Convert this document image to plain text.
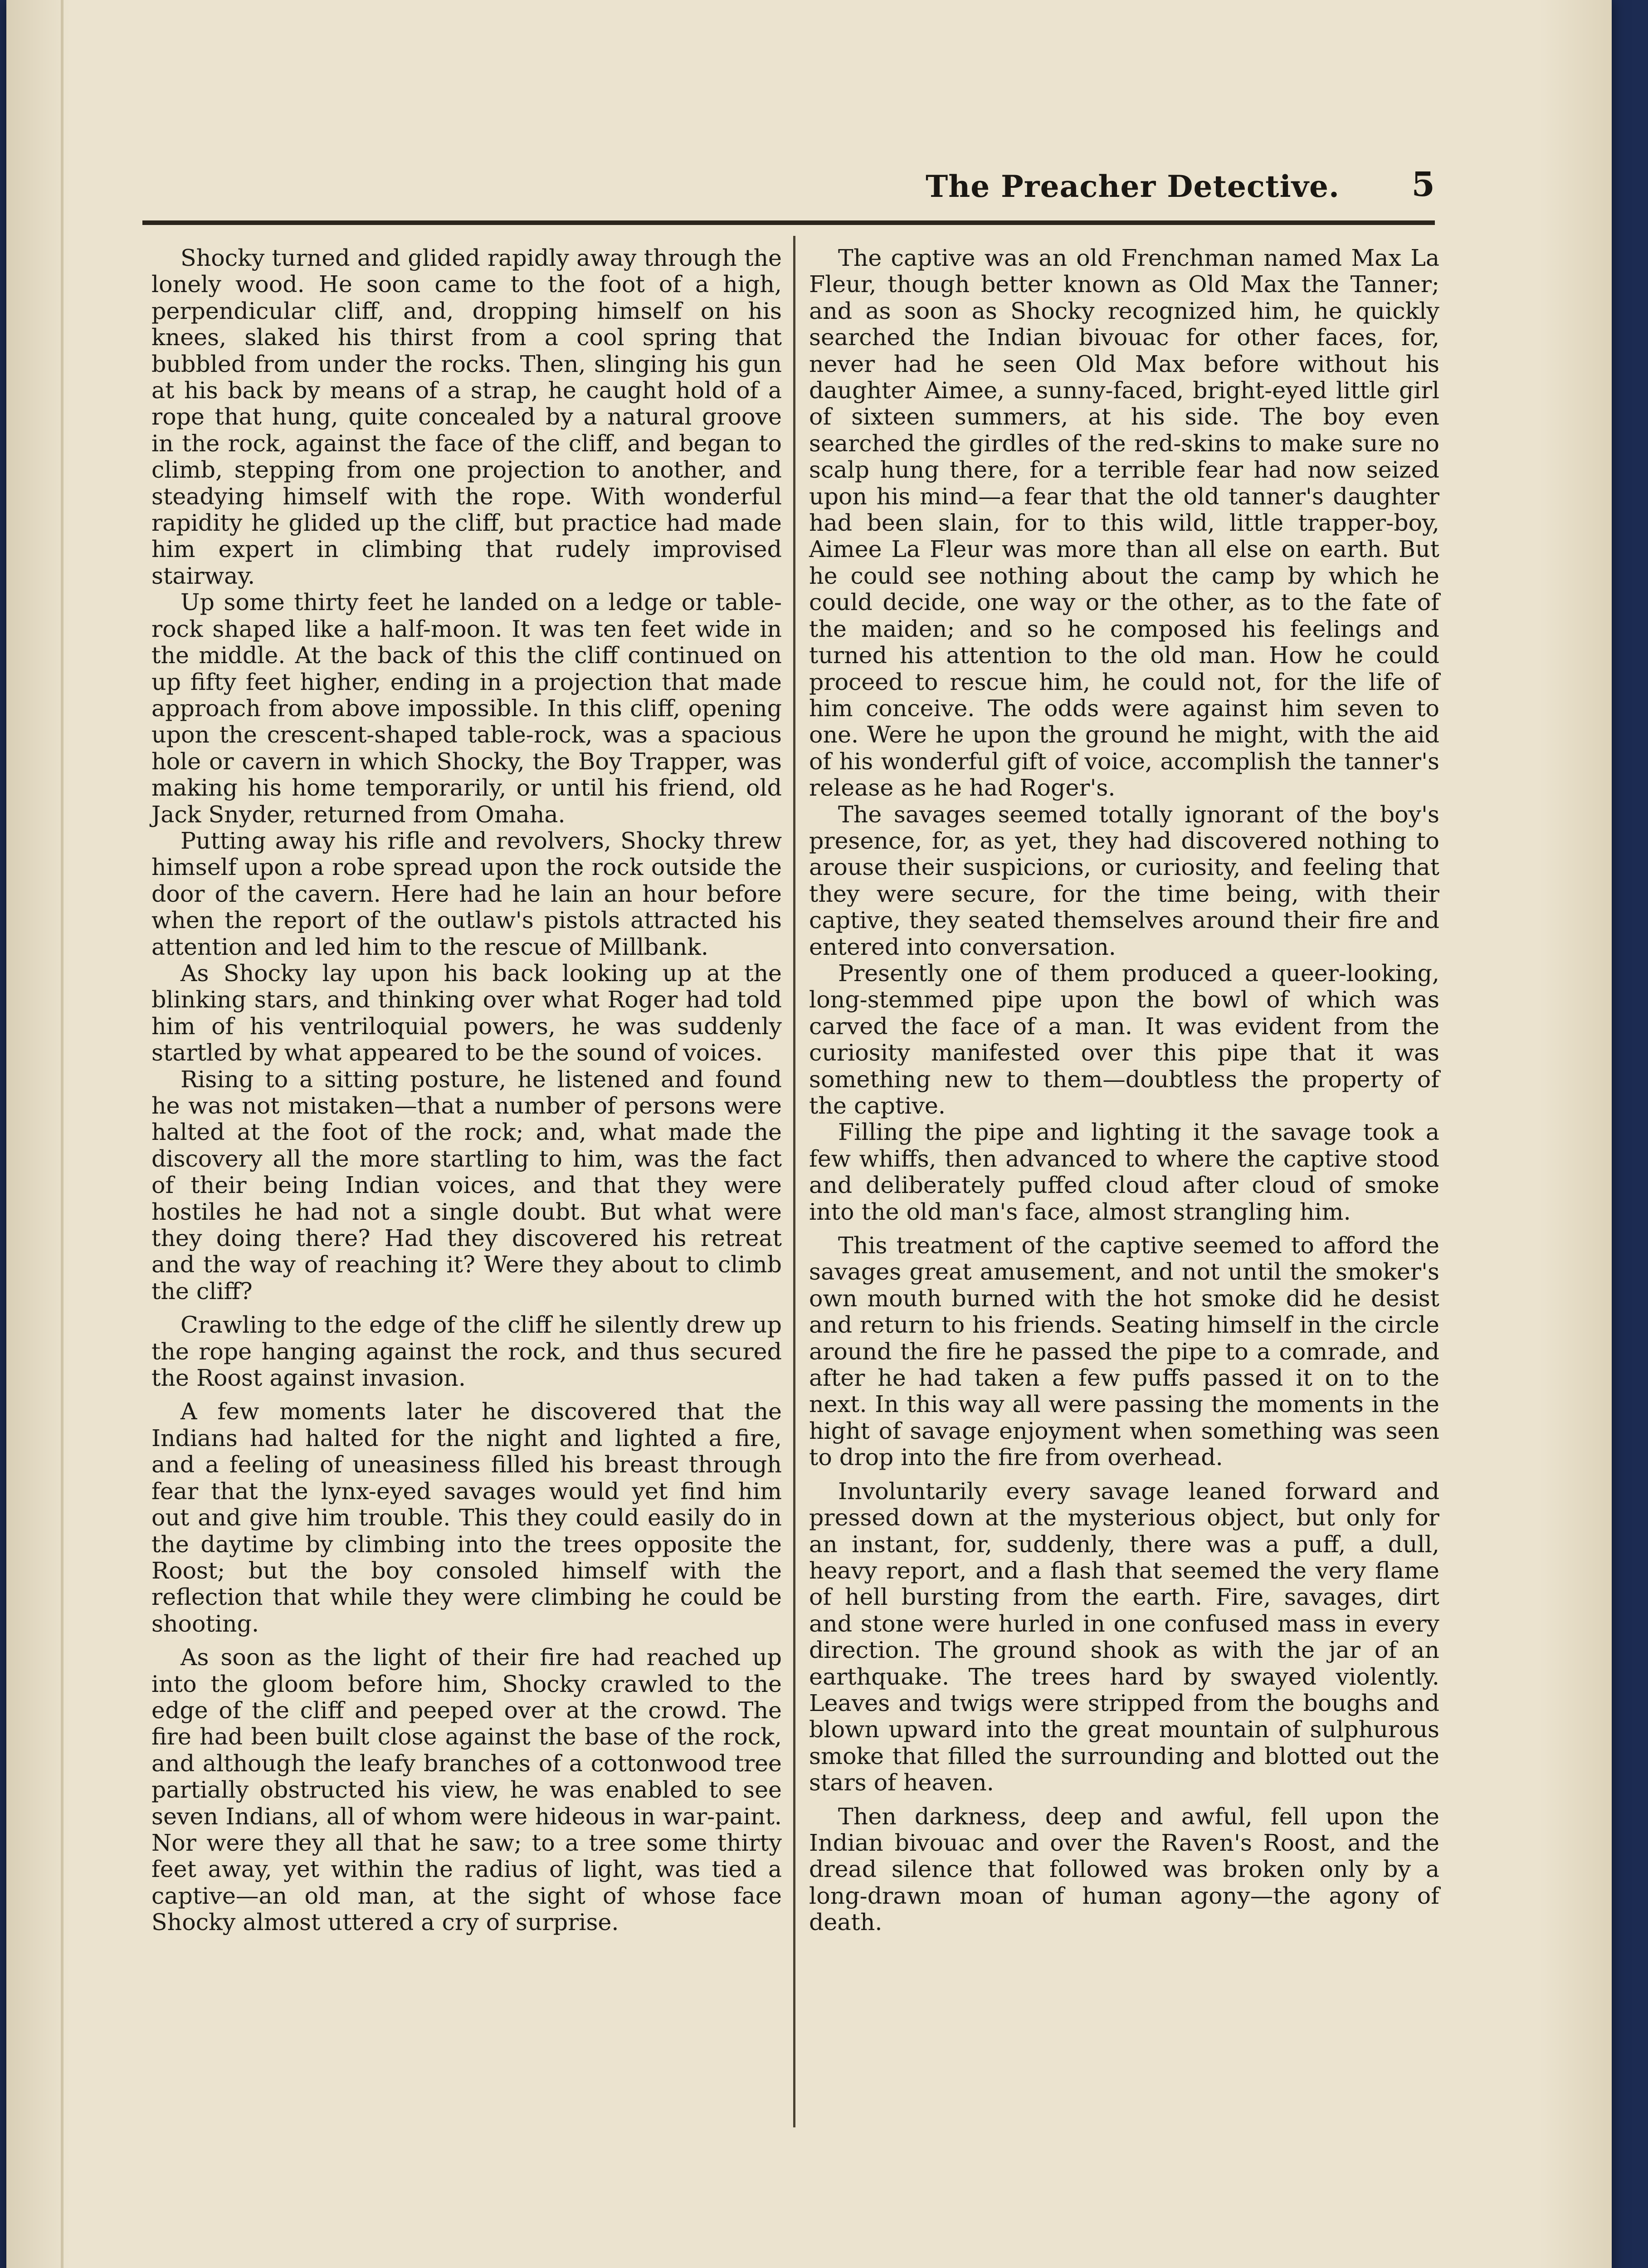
The Preacher Detective. 5

Shocky turned and glided rapidly away through the lonely wood. He soon came to the foot of a high, perpendicular cliff, and, dropping himself on his knees, slaked his thirst from a cool spring that bubbled from under the rocks. Then, slinging his gun at his back by means of a strap, he caught hold of a rope that hung, quite concealed by a natural groove in the rock, against the face of the cliff, and began to climb, stepping from one projection to another, and steadying himself with the rope. With wonderful rapidity he glided up the cliff, but practice had made him expert in climbing that rudely improvised stairway.

Up some thirty feet he landed on a ledge or table-rock shaped like a half-moon. It was ten feet wide in the middle. At the back of this the cliff continued on up fifty feet higher, ending in a projection that made approach from above impossible. In this cliff, opening upon the crescent-shaped table-rock, was a spacious hole or cavern in which Shocky, the Boy Trapper, was making his home temporarily, or until his friend, old Jack Snyder, returned from Omaha.

Putting away his rifle and revolvers, Shocky threw himself upon a robe spread upon the rock outside the door of the cavern. Here had he lain an hour before when the report of the outlaw's pistols attracted his attention and led him to the rescue of Millbank.

As Shocky lay upon his back looking up at the blinking stars, and thinking over what Roger had told him of his ventriloquial powers, he was suddenly startled by what appeared to be the sound of voices.

Rising to a sitting posture, he listened and found he was not mistaken—that a number of persons were halted at the foot of the rock; and, what made the discovery all the more startling to him, was the fact of their being Indian voices, and that they were hostiles he had not a single doubt. But what were they doing there? Had they discovered his retreat and the way of reaching it? Were they about to climb the cliff?

Crawling to the edge of the cliff he silently drew up the rope hanging against the rock, and thus secured the Roost against invasion.

A few moments later he discovered that the Indians had halted for the night and lighted a fire, and a feeling of uneasiness filled his breast through fear that the lynx-eyed savages would yet find him out and give him trouble. This they could easily do in the daytime by climbing into the trees opposite the Roost; but the boy consoled himself with the reflection that while they were climbing he could be shooting.

As soon as the light of their fire had reached up into the gloom before him, Shocky crawled to the edge of the cliff and peeped over at the crowd. The fire had been built close against the base of the rock, and although the leafy branches of a cottonwood tree partially obstructed his view, he was enabled to see seven Indians, all of whom were hideous in war-paint. Nor were they all that he saw; to a tree some thirty feet away, yet within the radius of light, was tied a captive—an old man, at the sight of whose face Shocky almost uttered a cry of surprise.

The captive was an old Frenchman named Max La Fleur, though better known as Old Max the Tanner; and as soon as Shocky recognized him, he quickly searched the Indian bivouac for other faces, for, never had he seen Old Max before without his daughter Aimee, a sunny-faced, bright-eyed little girl of sixteen summers, at his side. The boy even searched the girdles of the red-skins to make sure no scalp hung there, for a terrible fear had now seized upon his mind—a fear that the old tanner's daughter had been slain, for to this wild, little trapper-boy, Aimee La Fleur was more than all else on earth. But he could see nothing about the camp by which he could decide, one way or the other, as to the fate of the maiden; and so he composed his feelings and turned his attention to the old man. How he could proceed to rescue him, he could not, for the life of him conceive. The odds were against him seven to one. Were he upon the ground he might, with the aid of his wonderful gift of voice, accomplish the tanner's release as he had Roger's.

The savages seemed totally ignorant of the boy's presence, for, as yet, they had discovered nothing to arouse their suspicions, or curiosity, and feeling that they were secure, for the time being, with their captive, they seated themselves around their fire and entered into conversation.

Presently one of them produced a queer-looking, long-stemmed pipe upon the bowl of which was carved the face of a man. It was evident from the curiosity manifested over this pipe that it was something new to them—doubtless the property of the captive.

Filling the pipe and lighting it the savage took a few whiffs, then advanced to where the captive stood and deliberately puffed cloud after cloud of smoke into the old man's face, almost strangling him.

This treatment of the captive seemed to afford the savages great amusement, and not until the smoker's own mouth burned with the hot smoke did he desist and return to his friends. Seating himself in the circle around the fire he passed the pipe to a comrade, and after he had taken a few puffs passed it on to the next. In this way all were passing the moments in the hight of savage enjoyment when something was seen to drop into the fire from overhead.

Involuntarily every savage leaned forward and pressed down at the mysterious object, but only for an instant, for, suddenly, there was a puff, a dull, heavy report, and a flash that seemed the very flame of hell bursting from the earth. Fire, savages, dirt and stone were hurled in one confused mass in every direction. The ground shook as with the jar of an earthquake. The trees hard by swayed violently. Leaves and twigs were stripped from the boughs and blown upward into the great mountain of sulphurous smoke that filled the surrounding and blotted out the stars of heaven.

Then darkness, deep and awful, fell upon the Indian bivouac and over the Raven's Roost, and the dread silence that followed was broken only by a long-drawn moan of human agony—the agony of death.
